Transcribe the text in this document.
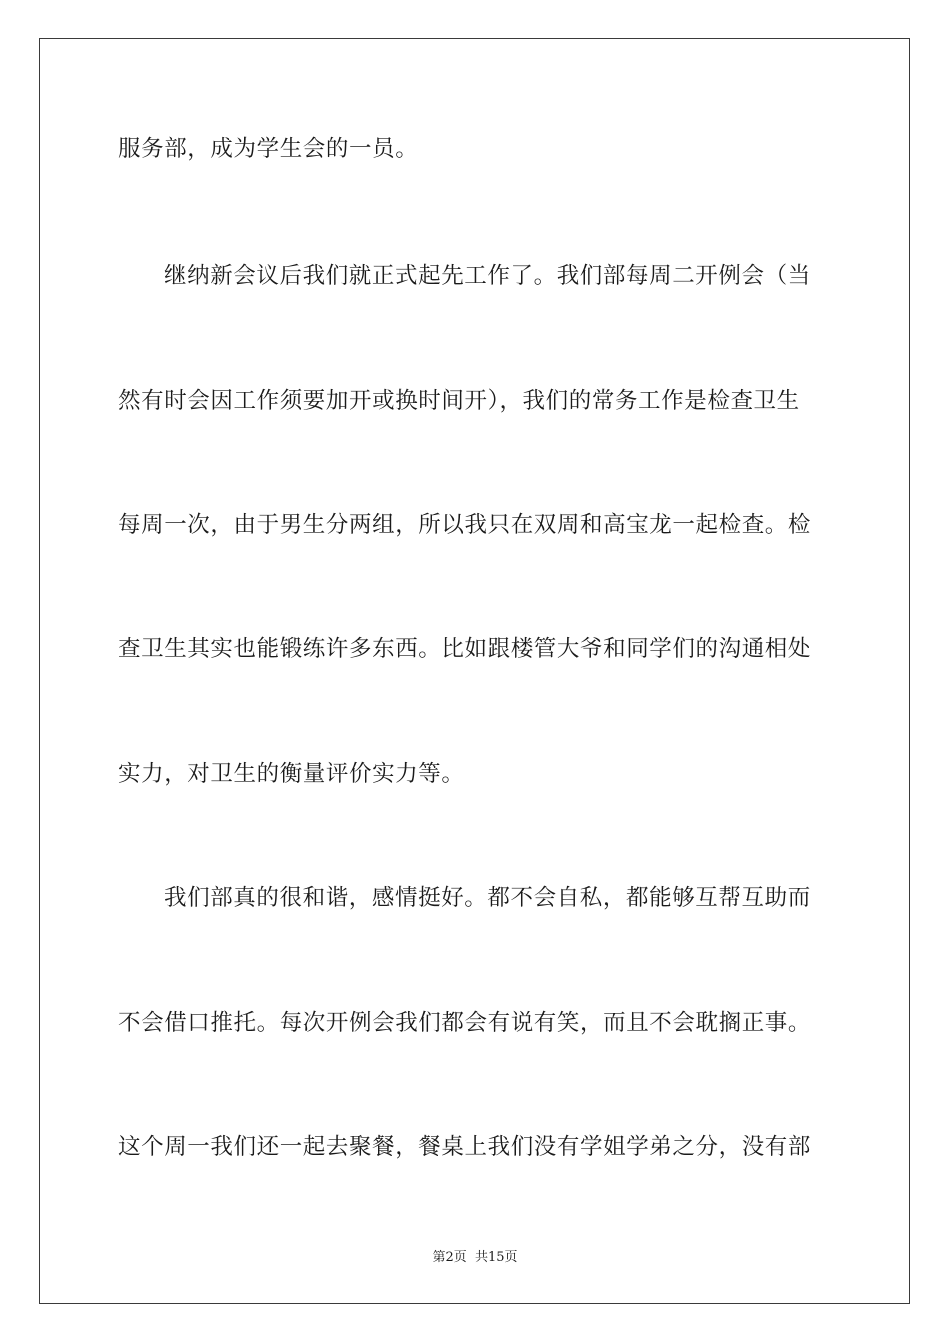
服务部，成为学生会的一员。
继纳新会议后我们就正式起先工作了。我们部每周二开例会（当
然有时会因工作须要加开或换时间开），我们的常务工作是检查卫生
每周一次，由于男生分两组，所以我只在双周和高宝龙一起检查。检
查卫生其实也能锻练许多东西。比如跟楼管大爷和同学们的沟通相处
实力，对卫生的衡量评价实力等。
我们部真的很和谐，感情挺好。都不会自私，都能够互帮互助而
不会借口推托。每次开例会我们都会有说有笑，而且不会耽搁正事。
这个周一我们还一起去聚餐，餐桌上我们没有学姐学弟之分，没有部
第2页  共15页
